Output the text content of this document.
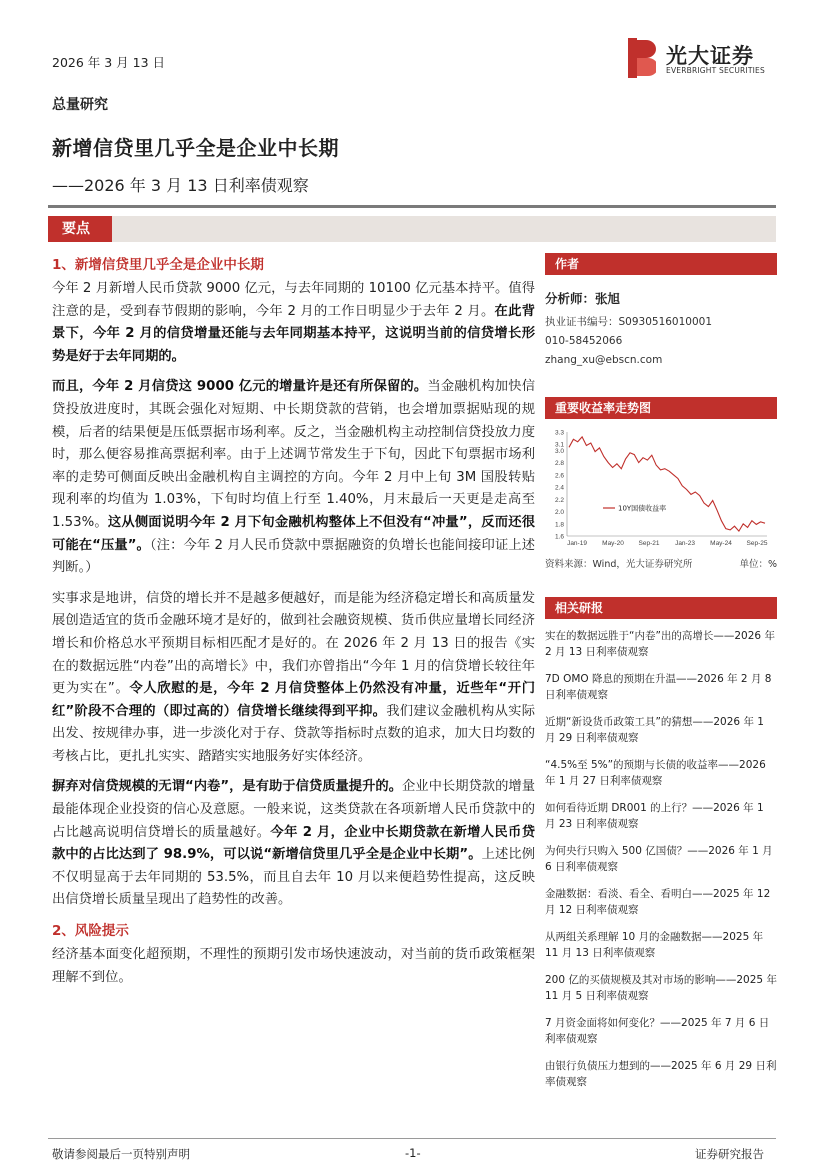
2026 年 3 月 13 日	光大证券
EVERBRIGHT SECURITIES
总量研究
新增信贷里几乎全是企业中长期
——2026 年 3 月 13 日利率债观察
要点
1、新增信贷里几乎全是企业中长期

今年 2 月新增人民币贷款 9000 亿元，与去年同期的 10100 亿元基本持平。值得注意的是，受到春节假期的影响，今年 2 月的工作日明显少于去年 2 月。在此背景下，今年 2 月的信贷增量还能与去年同期基本持平，这说明当前的信贷增长形势是好于去年同期的。

而且，今年 2 月信贷这 9000 亿元的增量许是还有所保留的。当金融机构加快信贷投放进度时，其既会强化对短期、中长期贷款的营销，也会增加票据贴现的规模，后者的结果便是压低票据市场利率。反之，当金融机构主动控制信贷投放力度时，那么便容易推高票据利率。由于上述调节常发生于下旬，因此下旬票据市场利率的走势可侧面反映出金融机构自主调控的方向。今年 2 月中上旬 3M 国股转贴现利率的均值为 1.03%，下旬时均值上行至 1.40%，月末最后一天更是走高至 1.53%。这从侧面说明今年 2 月下旬金融机构整体上不但没有“冲量”，反而还很可能在“压量”。（注：今年 2 月人民币贷款中票据融资的负增长也能间接印证上述判断。）

实事求是地讲，信贷的增长并不是越多便越好，而是能为经济稳定增长和高质量发展创造适宜的货币金融环境才是好的，做到社会融资规模、货币供应量增长同经济增长和价格总水平预期目标相匹配才是好的。在 2026 年 2 月 13 日的报告《实在的数据远胜“内卷”出的高增长》中，我们亦曾指出“今年 1 月的信贷增长较往年更为实在”。令人欣慰的是，今年 2 月信贷整体上仍然没有冲量，近些年“开门红”阶段不合理的（即过高的）信贷增长继续得到平抑。我们建议金融机构从实际出发、按规律办事，进一步淡化对于存、贷款等指标时点数的追求，加大日均数的考核占比，更扎扎实实、踏踏实实地服务好实体经济。

摒弃对信贷规模的无谓“内卷”，是有助于信贷质量提升的。企业中长期贷款的增量最能体现企业投资的信心及意愿。一般来说，这类贷款在各项新增人民币贷款中的占比越高说明信贷增长的质量越好。今年 2 月，企业中长期贷款在新增人民币贷款中的占比达到了 98.9%，可以说“新增信贷里几乎全是企业中长期”。上述比例不仅明显高于去年同期的 53.5%，而且自去年 10 月以来便趋势性提高，这反映出信贷增长质量呈现出了趋势性的改善。

2、风险提示

经济基本面变化超预期，不理性的预期引发市场快速波动，对当前的货币政策框架理解不到位。

作者
分析师：张旭
执业证书编号：S0930516010001
010-58452066
zhang_xu@ebscn.com
重要收益率走势图
1.6
1.8
2.0
2.2
2.4
2.6
2.8
3.0
3.1
3.3
Jan-19 May-20 Sep-21 Jan-23 May-24 Sep-25
10Y国债收益率
资料来源：Wind，光大证券研究所	单位：%
相关研报
实在的数据远胜于“内卷”出的高增长——2026 年 2 月 13 日利率债观察
7D OMO 降息的预期在升温——2026 年 2 月 8 日利率债观察
近期“新设货币政策工具”的猜想——2026 年 1 月 29 日利率债观察
“4.5%至 5%”的预期与长债的收益率——2026 年 1 月 27 日利率债观察
如何看待近期 DR001 的上行？——2026 年 1 月 23 日利率债观察
为何央行只购入 500 亿国债？——2026 年 1 月 6 日利率债观察
金融数据：看淡、看全、看明白——2025 年 12 月 12 日利率债观察
从两组关系理解 10 月的金融数据——2025 年 11 月 13 日利率债观察
200 亿的买债规模及其对市场的影响——2025 年 11 月 5 日利率债观察
7 月资金面将如何变化？——2025 年 7 月 6 日利率债观察
由银行负债压力想到的——2025 年 6 月 29 日利率债观察
敬请参阅最后一页特别声明	-1-	证券研究报告
